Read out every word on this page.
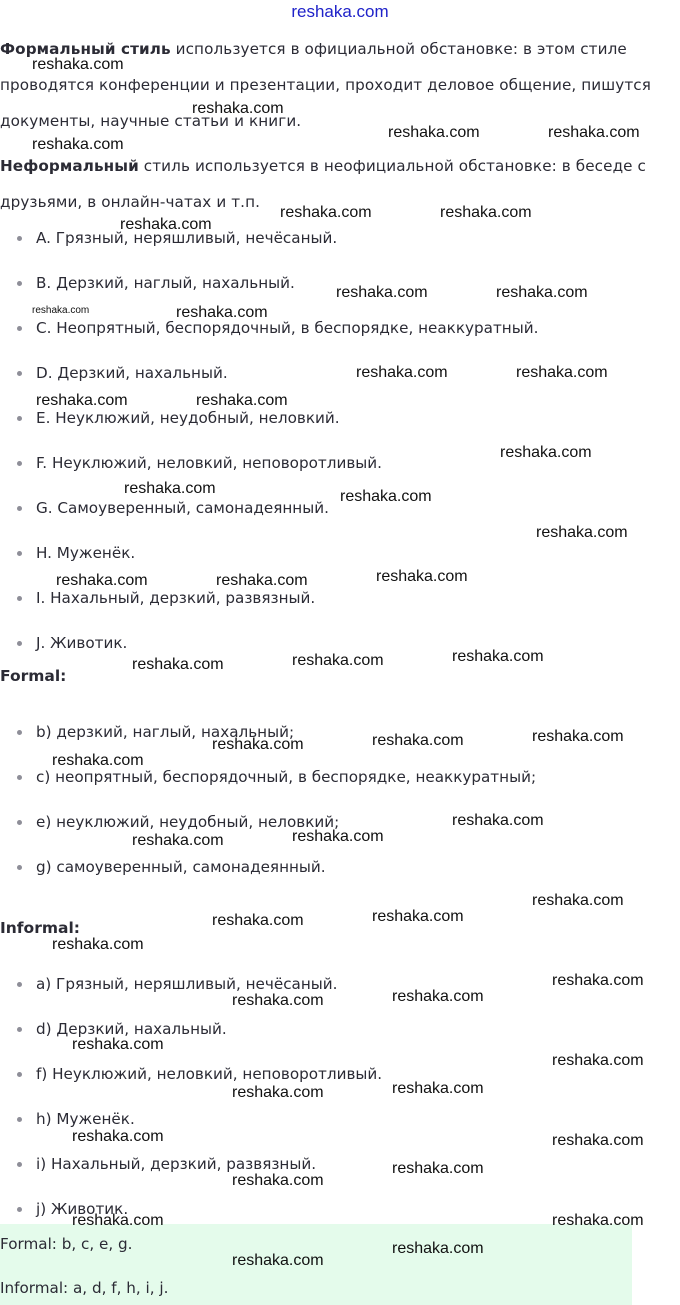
reshaka.com

Формальный стиль используется в официальной обстановке: в этом стиле проводятся конференции и презентации, проходит деловое общение, пишутся документы, научные статьи и книги.

Неформальный стиль используется в неофициальной обстановке: в беседе с друзьями, в онлайн-чатах и т.п.

A. Грязный, неряшливый, нечёсаный.
B. Дерзкий, наглый, нахальный.
C. Неопрятный, беспорядочный, в беспорядке, неаккуратный.
D. Дерзкий, нахальный.
E. Неуклюжий, неудобный, неловкий.
F. Неуклюжий, неловкий, неповоротливый.
G. Самоуверенный, самонадеянный.
H. Муженёк.
I. Нахальный, дерзкий, развязный.
J. Животик.
Formal:
b) дерзкий, наглый, нахальный;
c) неопрятный, беспорядочный, в беспорядке, неаккуратный;
e) неуклюжий, неудобный, неловкий;
g) самоуверенный, самонадеянный.
Informal:
a) Грязный, неряшливый, нечёсаный.
d) Дерзкий, нахальный.
f) Неуклюжий, неловкий, неповоротливый.
h) Муженёк.
i) Нахальный, дерзкий, развязный.
j) Животик.

Formal: b, c, e, g.

Informal: a, d, f, h, i, j.

reshaka.com
reshaka.com
reshaka.com
reshaka.com	reshaka.com
reshaka.com	reshaka.com
reshaka.com
reshaka.com	reshaka.com
reshaka.com	reshaka.com
reshaka.com	reshaka.com
reshaka.com	reshaka.com
reshaka.com
reshaka.com	reshaka.com
reshaka.com
reshaka.com	reshaka.com	reshaka.com
reshaka.com	reshaka.com	reshaka.com
reshaka.com	reshaka.com	reshaka.com
reshaka.com
reshaka.com	reshaka.com
reshaka.com
reshaka.com
reshaka.com	reshaka.com
reshaka.com
reshaka.com
reshaka.com	reshaka.com
reshaka.com
reshaka.com
reshaka.com
reshaka.com
reshaka.com	reshaka.com
reshaka.com
reshaka.com
reshaka.com	reshaka.com
reshaka.com
reshaka.com
